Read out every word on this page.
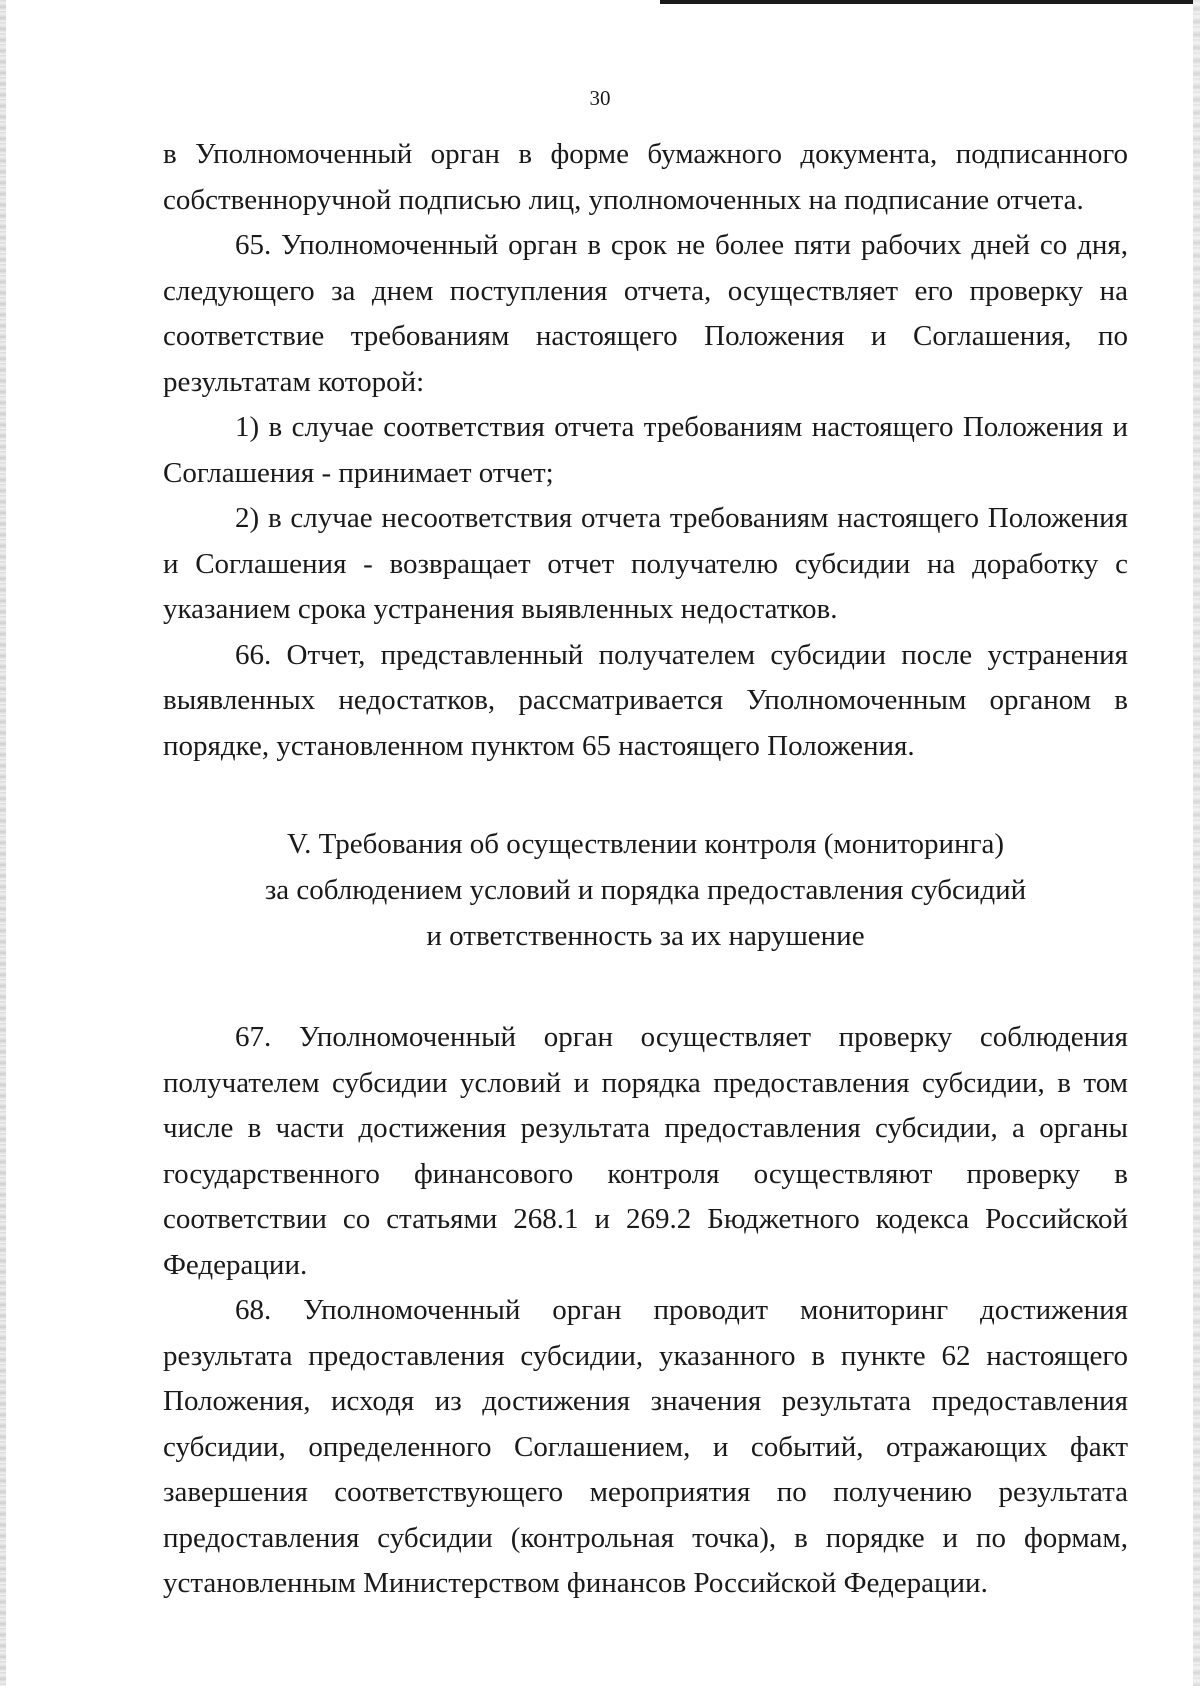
30

в Уполномоченный орган в форме бумажного документа, подписанного собственноручной подписью лиц, уполномоченных на подписание отчета.

65. Уполномоченный орган в срок не более пяти рабочих дней со дня, следующего за днем поступления отчета, осуществляет его проверку на соответствие требованиям настоящего Положения и Соглашения, по результатам которой:

1) в случае соответствия отчета требованиям настоящего Положения и Соглашения - принимает отчет;

2) в случае несоответствия отчета требованиям настоящего Положения и Соглашения - возвращает отчет получателю субсидии на доработку с указанием срока устранения выявленных недостатков.

66. Отчет, представленный получателем субсидии после устранения выявленных недостатков, рассматривается Уполномоченным органом в порядке, установленном пунктом 65 настоящего Положения.

V. Требования об осуществлении контроля (мониторинга)
за соблюдением условий и порядка предоставления субсидий
и ответственность за их нарушение

67. Уполномоченный орган осуществляет проверку соблюдения получателем субсидии условий и порядка предоставления субсидии, в том числе в части достижения результата предоставления субсидии, а органы государственного финансового контроля осуществляют проверку в соответствии со статьями 268.1 и 269.2 Бюджетного кодекса Российской Федерации.

68. Уполномоченный орган проводит мониторинг достижения результата предоставления субсидии, указанного в пункте 62 настоящего Положения, исходя из достижения значения результата предоставления субсидии, определенного Соглашением, и событий, отражающих факт завершения соответствующего мероприятия по получению результата предоставления субсидии (контрольная точка), в порядке и по формам, установленным Министерством финансов Российской Федерации.
